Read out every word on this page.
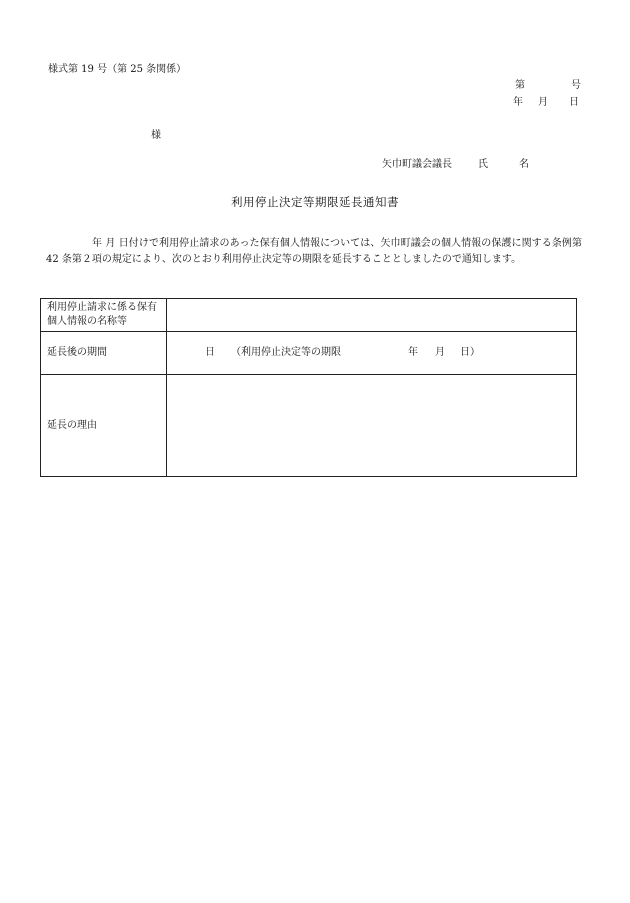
様式第 19 号（第 25 条関係）
第	号
年 月 日
様
矢巾町議会議長	氏	名
利用停止決定等期限延長通知書
年 月 日付けで利用停止請求のあった保有個人情報については、矢巾町議会の個人情報の保護に関する条例第 42 条第２項の規定により、次のとおり利用停止決定等の期限を延長することとしましたので通知します。
利用停止請求に係る保有個人情報の名称等	
延長後の期間	日 （利用停止決定等の期限 年 月 日）

延長の理由	
